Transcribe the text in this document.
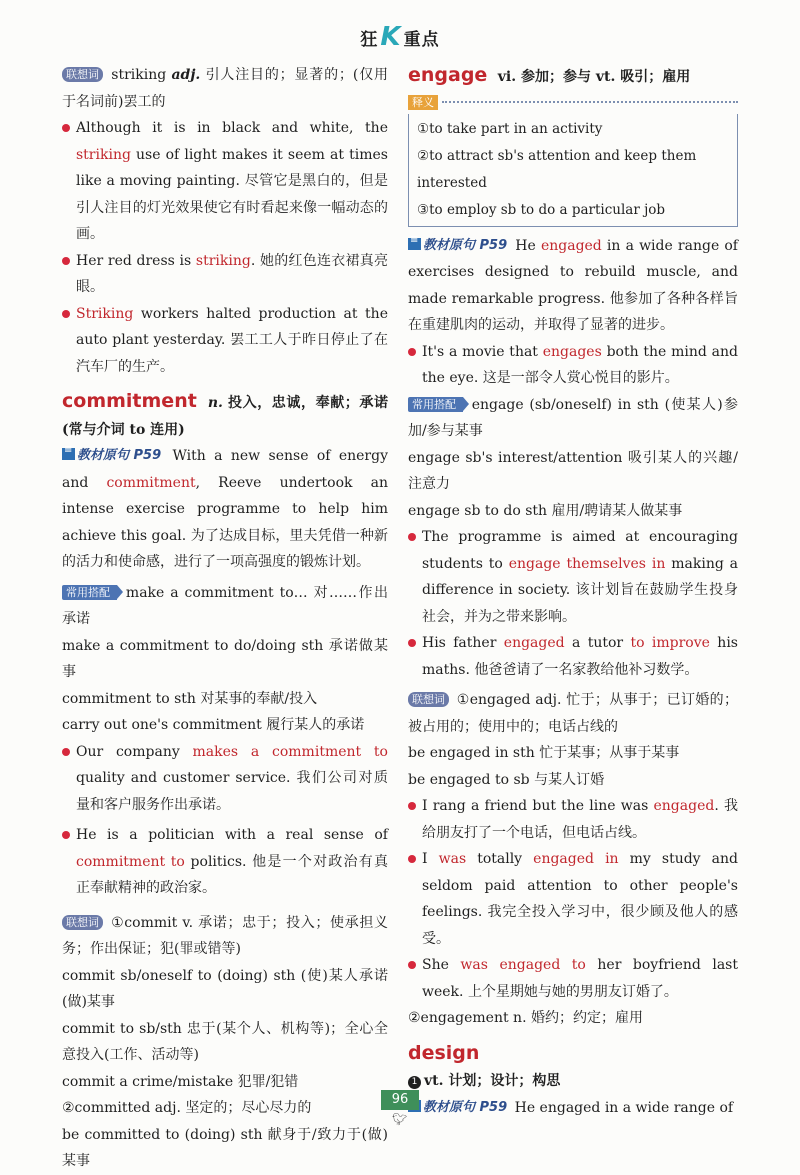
狂K 重点

联想词 striking adj. 引人注目的；显著的；(仅用于名词前)罢工的

Although it is in black and white, the striking use of light makes it seem at times like a moving painting. 尽管它是黑白的，但是引人注目的灯光效果使它有时看起来像一幅动态的画。
Her red dress is striking. 她的红色连衣裙真亮眼。
Striking workers halted production at the auto plant yesterday. 罢工工人于昨日停止了在汽车厂的生产。

commitment n. 投入，忠诚，奉献；承诺(常与介词 to 连用)

≡教材原句 P59 With a new sense of energy and commitment, Reeve undertook an intense exercise programme to help him achieve this goal. 为了达成目标，里夫凭借一种新的活力和使命感，进行了一项高强度的锻炼计划。

常用搭配 make a commitment to… 对……作出承诺

make a commitment to do/doing sth 承诺做某事

commitment to sth 对某事的奉献/投入

carry out one's commitment 履行某人的承诺

Our company makes a commitment to quality and customer service. 我们公司对质量和客户服务作出承诺。
He is a politician with a real sense of commitment to politics. 他是一个对政治有真正奉献精神的政治家。

联想词 ①commit v. 承诺；忠于；投入；使承担义务；作出保证；犯(罪或错等)

commit sb/oneself to (doing) sth (使)某人承诺(做)某事

commit to sb/sth 忠于(某个人、机构等)；全心全意投入(工作、活动等)

commit a crime/mistake 犯罪/犯错

②committed adj. 坚定的；尽心尽力的

be committed to (doing) sth 献身于/致力于(做)某事

engage vi. 参加；参与 vt. 吸引；雇用

释义
①to take part in an activity
②to attract sb's attention and keep them interested
③to employ sb to do a particular job

≡教材原句 P59 He engaged in a wide range of exercises designed to rebuild muscle, and made remarkable progress. 他参加了各种各样旨在重建肌肉的运动，并取得了显著的进步。

It's a movie that engages both the mind and the eye. 这是一部令人赏心悦目的影片。

常用搭配 engage (sb/oneself) in sth (使某人)参加/参与某事

engage sb's interest/attention 吸引某人的兴趣/注意力

engage sb to do sth 雇用/聘请某人做某事

The programme is aimed at encouraging students to engage themselves in making a difference in society. 该计划旨在鼓励学生投身社会，并为之带来影响。
His father engaged a tutor to improve his maths. 他爸爸请了一名家教给他补习数学。

联想词 ①engaged adj. 忙于；从事于；已订婚的；被占用的；使用中的；电话占线的

be engaged in sth 忙于某事；从事于某事

be engaged to sb 与某人订婚

I rang a friend but the line was engaged. 我给朋友打了一个电话，但电话占线。
I was totally engaged in my study and seldom paid attention to other people's feelings. 我完全投入学习中，很少顾及他人的感受。
She was engaged to her boyfriend last week. 上个星期她与她的男朋友订婚了。

②engagement n. 婚约；约定；雇用

design

1 vt. 计划；设计；构思

≡教材原句 P59 He engaged in a wide range of

96
🐦︎
